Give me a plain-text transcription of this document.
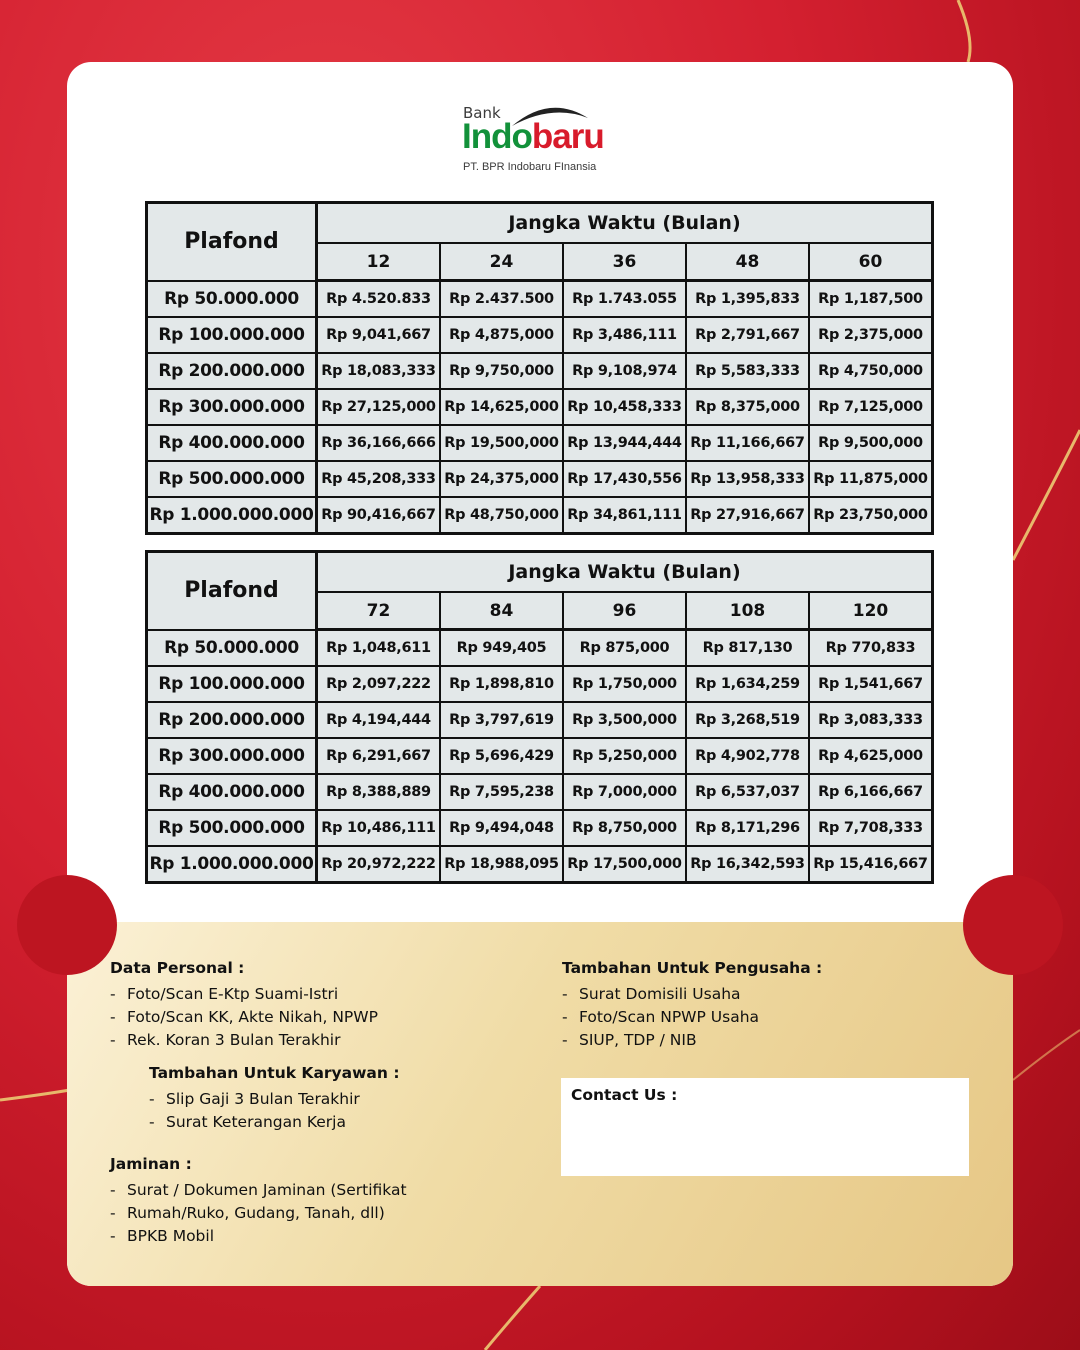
Bank
Indobaru
PT. BPR Indobaru FInansia
Plafond	Jangka Waktu (Bulan)				
	12	24	36	48	60
Rp 50.000.000	Rp 4.520.833	Rp 2.437.500	Rp 1.743.055	Rp 1,395,833	Rp 1,187,500
Rp 100.000.000	Rp 9,041,667	Rp 4,875,000	Rp 3,486,111	Rp 2,791,667	Rp 2,375,000
Rp 200.000.000	Rp 18,083,333	Rp 9,750,000	Rp 9,108,974	Rp 5,583,333	Rp 4,750,000
Rp 300.000.000	Rp 27,125,000	Rp 14,625,000	Rp 10,458,333	Rp 8,375,000	Rp 7,125,000
Rp 400.000.000	Rp 36,166,666	Rp 19,500,000	Rp 13,944,444	Rp 11,166,667	Rp 9,500,000
Rp 500.000.000	Rp 45,208,333	Rp 24,375,000	Rp 17,430,556	Rp 13,958,333	Rp 11,875,000
Rp 1.000.000.000	Rp 90,416,667	Rp 48,750,000	Rp 34,861,111	Rp 27,916,667	Rp 23,750,000
Plafond	Jangka Waktu (Bulan)				
	72	84	96	108	120
Rp 50.000.000	Rp 1,048,611	Rp 949,405	Rp 875,000	Rp 817,130	Rp 770,833
Rp 100.000.000	Rp 2,097,222	Rp 1,898,810	Rp 1,750,000	Rp 1,634,259	Rp 1,541,667
Rp 200.000.000	Rp 4,194,444	Rp 3,797,619	Rp 3,500,000	Rp 3,268,519	Rp 3,083,333
Rp 300.000.000	Rp 6,291,667	Rp 5,696,429	Rp 5,250,000	Rp 4,902,778	Rp 4,625,000
Rp 400.000.000	Rp 8,388,889	Rp 7,595,238	Rp 7,000,000	Rp 6,537,037	Rp 6,166,667
Rp 500.000.000	Rp 10,486,111	Rp 9,494,048	Rp 8,750,000	Rp 8,171,296	Rp 7,708,333
Rp 1.000.000.000	Rp 20,972,222	Rp 18,988,095	Rp 17,500,000	Rp 16,342,593	Rp 15,416,667
Data Personal :
- Foto/Scan E-Ktp Suami-Istri
- Foto/Scan KK, Akte Nikah, NPWP
- Rek. Koran 3 Bulan Terakhir
Tambahan Untuk Karyawan :
- Slip Gaji 3 Bulan Terakhir
- Surat Keterangan Kerja
Jaminan :
- Surat / Dokumen Jaminan (Sertifikat
- Rumah/Ruko, Gudang, Tanah, dll)
- BPKB Mobil
Tambahan Untuk Pengusaha :
- Surat Domisili Usaha
- Foto/Scan NPWP Usaha
- SIUP, TDP / NIB
Contact Us :
